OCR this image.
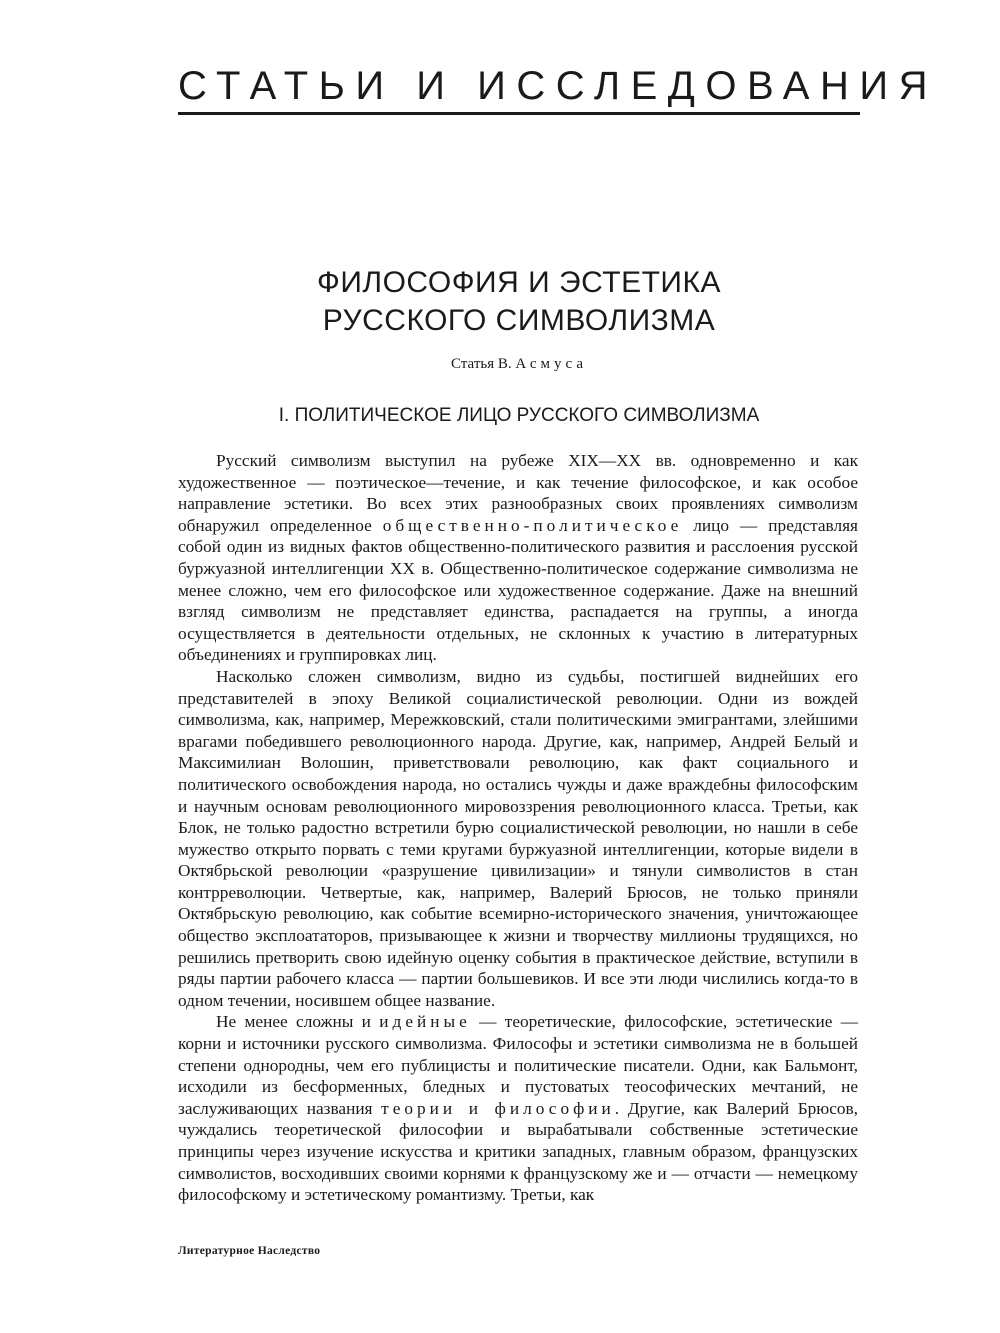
СТАТЬИ И ИССЛЕДОВАНИЯ
ФИЛОСОФИЯ И ЭСТЕТИКА
РУССКОГО СИМВОЛИЗМА
Статья В. Асмуса
I. ПОЛИТИЧЕСКОЕ ЛИЦО РУССКОГО СИМВОЛИЗМА

Русский символизм выступил на рубеже XIX—XX вв. одновременно и как художественное — поэтическое—течение, и как течение философское, и как особое направление эстетики. Во всех этих разнообразных своих проявлениях символизм обнаружил определенное общественно-политическое лицо — представляя собой один из видных фактов общественно-политического развития и расслоения русской буржуазной интеллигенции XX в. Общественно-политическое содержание символизма не менее сложно, чем его философское или художественное содержание. Даже на внешний взгляд символизм не представляет единства, распадается на группы, а иногда осуществляется в деятельности отдельных, не склонных к участию в литературных объединениях и группировках лиц.

Насколько сложен символизм, видно из судьбы, постигшей виднейших его представителей в эпоху Великой социалистической революции. Одни из вождей символизма, как, например, Мережковский, стали политическими эмигрантами, злейшими врагами победившего революционного народа. Другие, как, например, Андрей Белый и Максимилиан Волошин, приветствовали революцию, как факт социального и политического освобождения народа, но остались чужды и даже враждебны философским и научным основам революционного мировоззрения революционного класса. Третьи, как Блок, не только радостно встретили бурю социалистической революции, но нашли в себе мужество открыто порвать с теми кругами буржуазной интеллигенции, которые видели в Октябрьской революции «разрушение цивилизации» и тянули символистов в стан контрреволюции. Четвертые, как, например, Валерий Брюсов, не только приняли Октябрьскую революцию, как событие всемирно-исторического значения, уничтожающее общество эксплоататоров, призывающее к жизни и творчеству миллионы трудящихся, но решились претворить свою идейную оценку события в практическое действие, вступили в ряды партии рабочего класса — партии большевиков. И все эти люди числились когда-то в одном течении, носившем общее название.

Не менее сложны и идейные — теоретические, философские, эстетические — корни и источники русского символизма. Философы и эстетики символизма не в большей степени однородны, чем его публицисты и политические писатели. Одни, как Бальмонт, исходили из бесформенных, бледных и пустоватых теософических мечтаний, не заслуживающих названия теории и философии. Другие, как Валерий Брюсов, чуждались теоретической философии и вырабатывали собственные эстетические принципы через изучение искусства и критики западных, главным образом, французских символистов, восходивших своими корнями к французскому же и — отчасти — немецкому философскому и эстетическому романтизму. Третьи, как

Литературное Наследство
